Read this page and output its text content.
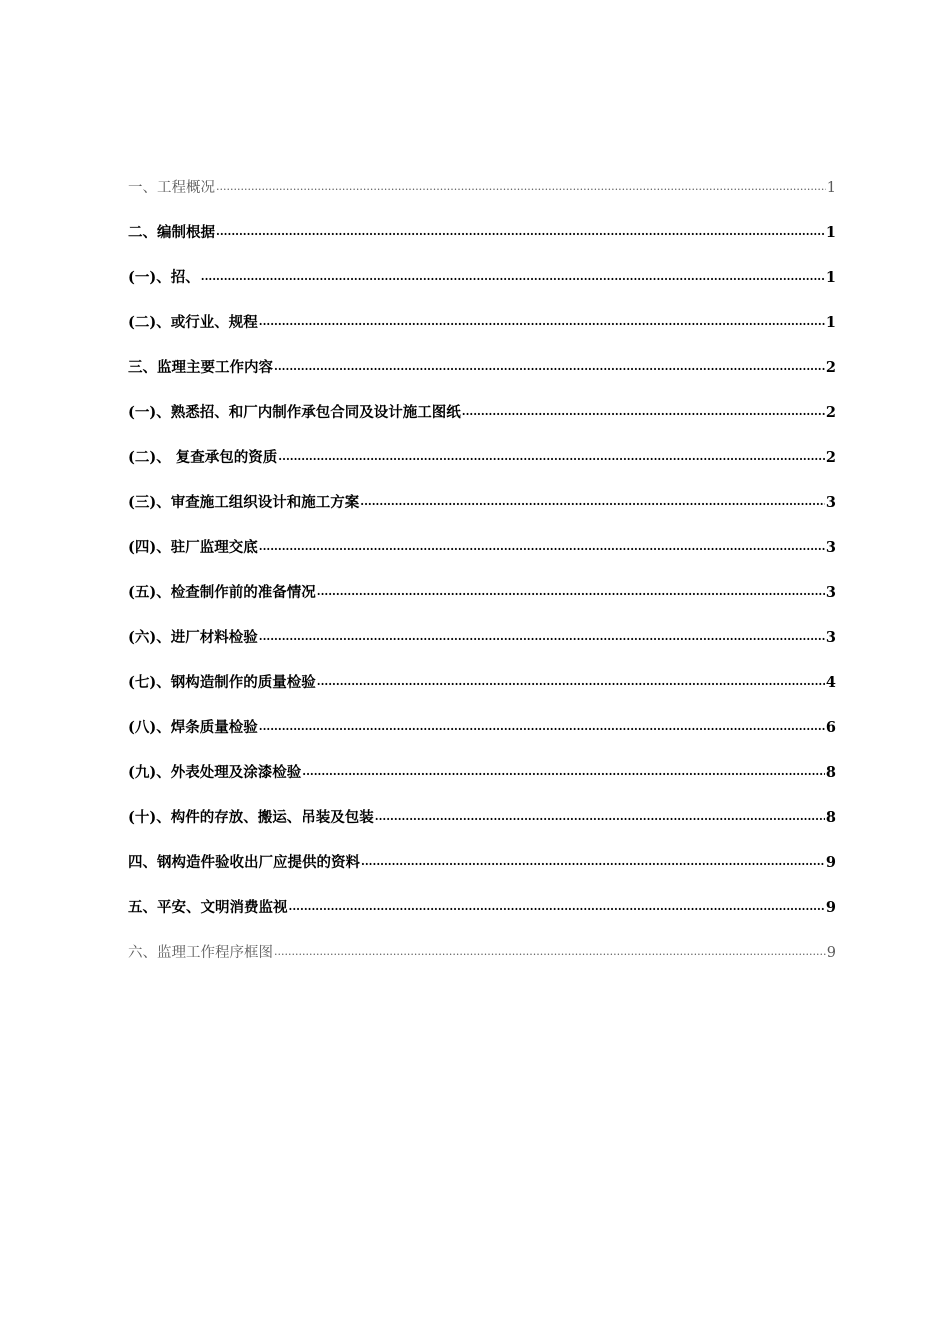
一、工程概况 .....	1
二、编制根据 .....	1
(一)、招、 .....	1
(二)、或行业、规程 .....	1
三、监理主要工作内容 .....	2
(一)、熟悉招、和厂内制作承包合同及设计施工图纸 .....	2
(二)、 复查承包的资质 .....	2
(三)、审查施工组织设计和施工方案 .....	3
(四)、驻厂监理交底 .....	3
(五)、检查制作前的准备情况 .....	3
(六)、进厂材料检验 .....	3
(七)、钢构造制作的质量检验 .....	4
(八)、焊条质量检验 .....	6
(九)、外表处理及涂漆检验 .....	8
(十)、构件的存放、搬运、吊装及包装 .....	8
四、钢构造件验收出厂应提供的资料 .....	9
五、平安、文明消费监视 .....	9
六、监理工作程序框图 .....	9
